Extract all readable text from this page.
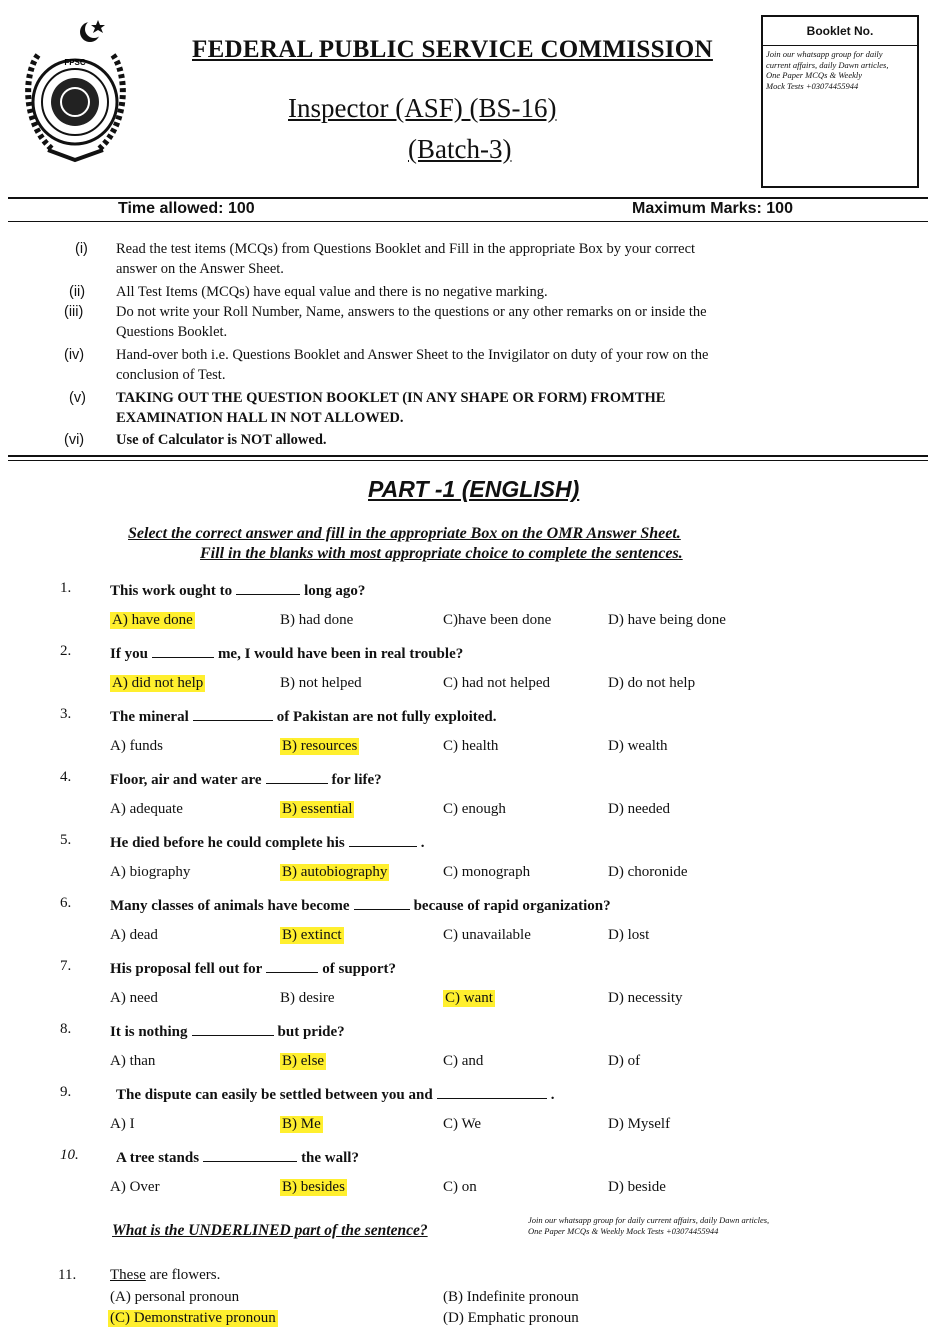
FPSC	FEDERAL PUBLIC SERVICE COMMISSION
Inspector (ASF) (BS-16)
(Batch-3)
Booklet No.
Join our whatsapp group for daily
current affairs, daily Dawn articles,
One Paper MCQs & Weekly
Mock Tests +03074455944
Time allowed: 100	Maximum Marks: 100
(i) Read the test items (MCQs) from Questions Booklet and Fill in the appropriate Box by your correct
answer on the Answer Sheet.
(ii) All Test Items (MCQs) have equal value and there is no negative marking.
(iii) Do not write your Roll Number, Name, answers to the questions or any other remarks on or inside the
Questions Booklet.
(iv) Hand-over both i.e. Questions Booklet and Answer Sheet to the Invigilator on duty of your row on the
conclusion of Test.
(v) TAKING OUT THE QUESTION BOOKLET (IN ANY SHAPE OR FORM) FROMTHE
EXAMINATION HALL IN NOT ALLOWED.
(vi) Use of Calculator is NOT allowed.
PART -1 (ENGLISH)
Select the correct answer and fill in the appropriate Box on the OMR Answer Sheet.
Fill in the blanks with most appropriate choice to complete the sentences.
1.	This work ought to	long ago?
A) have done	B) had done	C)have been done	D) have being done
2.	If you	me, I would have been in real trouble?
A) did not help	B) not helped	C) had not helped	D) do not help
3.	The mineral	of Pakistan are not fully exploited.
A) funds	B) resources	C) health	D) wealth
4.	Floor, air and water are	for life?
A) adequate	B) essential	C) enough	D) needed
5.	He died before he could complete his	.
A) biography	B) autobiography	C) monograph	D) choronide
6.	Many classes of animals have become	because of rapid organization?
A) dead	B) extinct	C) unavailable	D) lost
7.	His proposal fell out for	of support?
A) need	B) desire	C) want	D) necessity
8.	It is nothing	but pride?
A) than	B) else	C) and	D) of
9.	The dispute can easily be settled between you and	.
A) I	B) Me	C) We	D) Myself
10. A tree stands	the wall?
A) Over	B) besides	C) on	D) beside
What is the UNDERLINED part of the sentence?
Join our whatsapp group for daily current affairs, daily Dawn articles,
One Paper MCQs & Weekly Mock Tests +03074455944
11. These are flowers.
(A) personal pronoun	(B) Indefinite pronoun
(C) Demonstrative pronoun	(D) Emphatic pronoun
